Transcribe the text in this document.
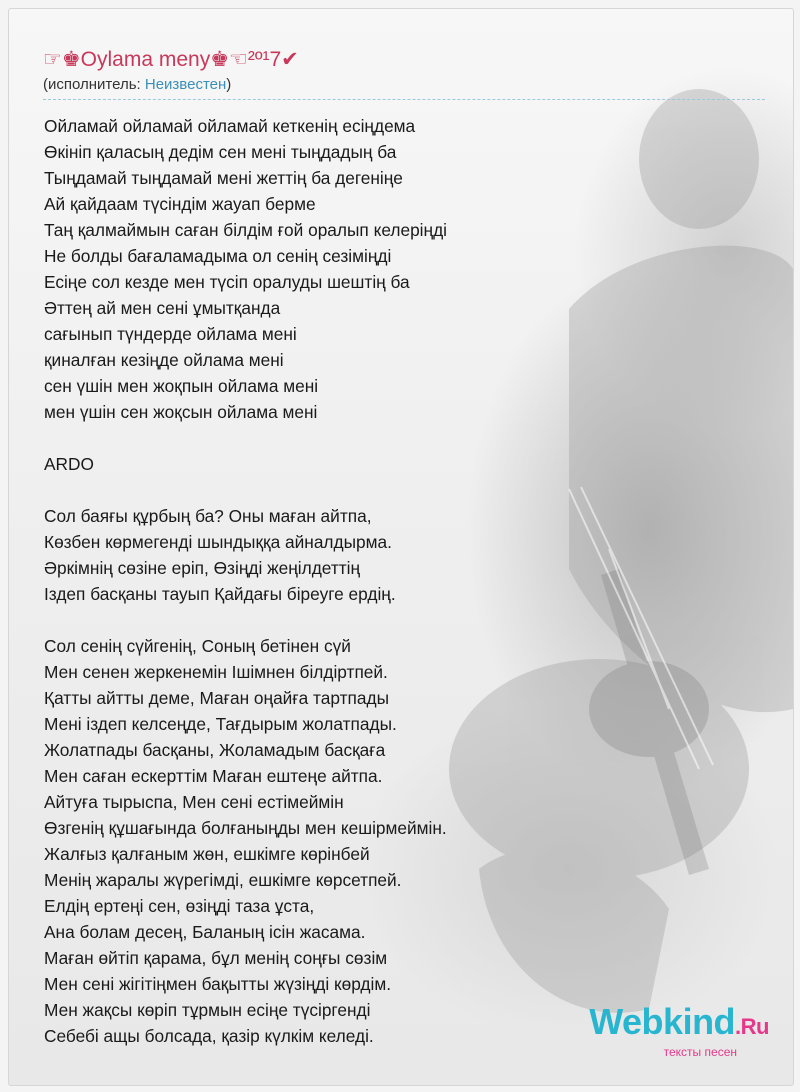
☞♚Oylama meny♚☜²º¹7✔
(исполнитель: Неизвестен)
Ойламай ойламай ойламай кеткенің есіңдема
Өкініп қаласың дедім сен мені тыңдадың ба
Тыңдамай тыңдамай мені жеттің ба дегеніңе
Ай қайдаам түсіндім жауап берме
Таң қалмаймын саған білдім ғой оралып келеріңді
Не болды бағаламадыма ол сенің сезіміңді
Есіңе сол кезде мен түсіп оралуды шештің ба
Әттең ай мен сені ұмытқанда
сағынып түндерде ойлама мені
қиналған кезіңде ойлама мені
сен үшін мен жоқпын ойлама мені
мен үшін сен жоқсын ойлама мені
ARDO
Сол баяғы құрбың ба? Оны маған айтпа,
Көзбен көрмегенді шындыққа айналдырма.
Әркімнің сөзіне еріп, Өзіңді жеңілдеттің
Іздеп басқаны тауып Қайдағы біреуге ердің.
Сол сенің сүйгенің, Соның бетінен сүй
Мен сенен жеркенемін Ішімнен білдіртпей.
Қатты айтты деме, Маған оңайға тартпады
Мені іздеп келсеңде, Тағдырым жолатпады.
Жолатпады басқаны, Жоламадым басқаға
Мен саған ескерттім Маған ештеңе айтпа.
Айтуға тырыспа, Мен сені естімеймін
Өзгенің құшағында болғаныңды мен кешірмеймін.
Жалғыз қалғаным жөн, ешкімге көрінбей
Менің жаралы жүрегімді, ешкімге көрсетпей.
Елдің ертеңі сен, өзіңді таза ұста,
Ана болам десең, Баланың ісін жасама.
Маған өйтіп қарама, бұл менің соңғы сөзім
Мен сені жігітіңмен бақытты жүзіңді көрдім.
Мен жақсы көріп тұрмын есіңе түсіргенді
Себебі ащы болсада, қазір күлкім келеді.	Webkind.Ru
тексты песен
